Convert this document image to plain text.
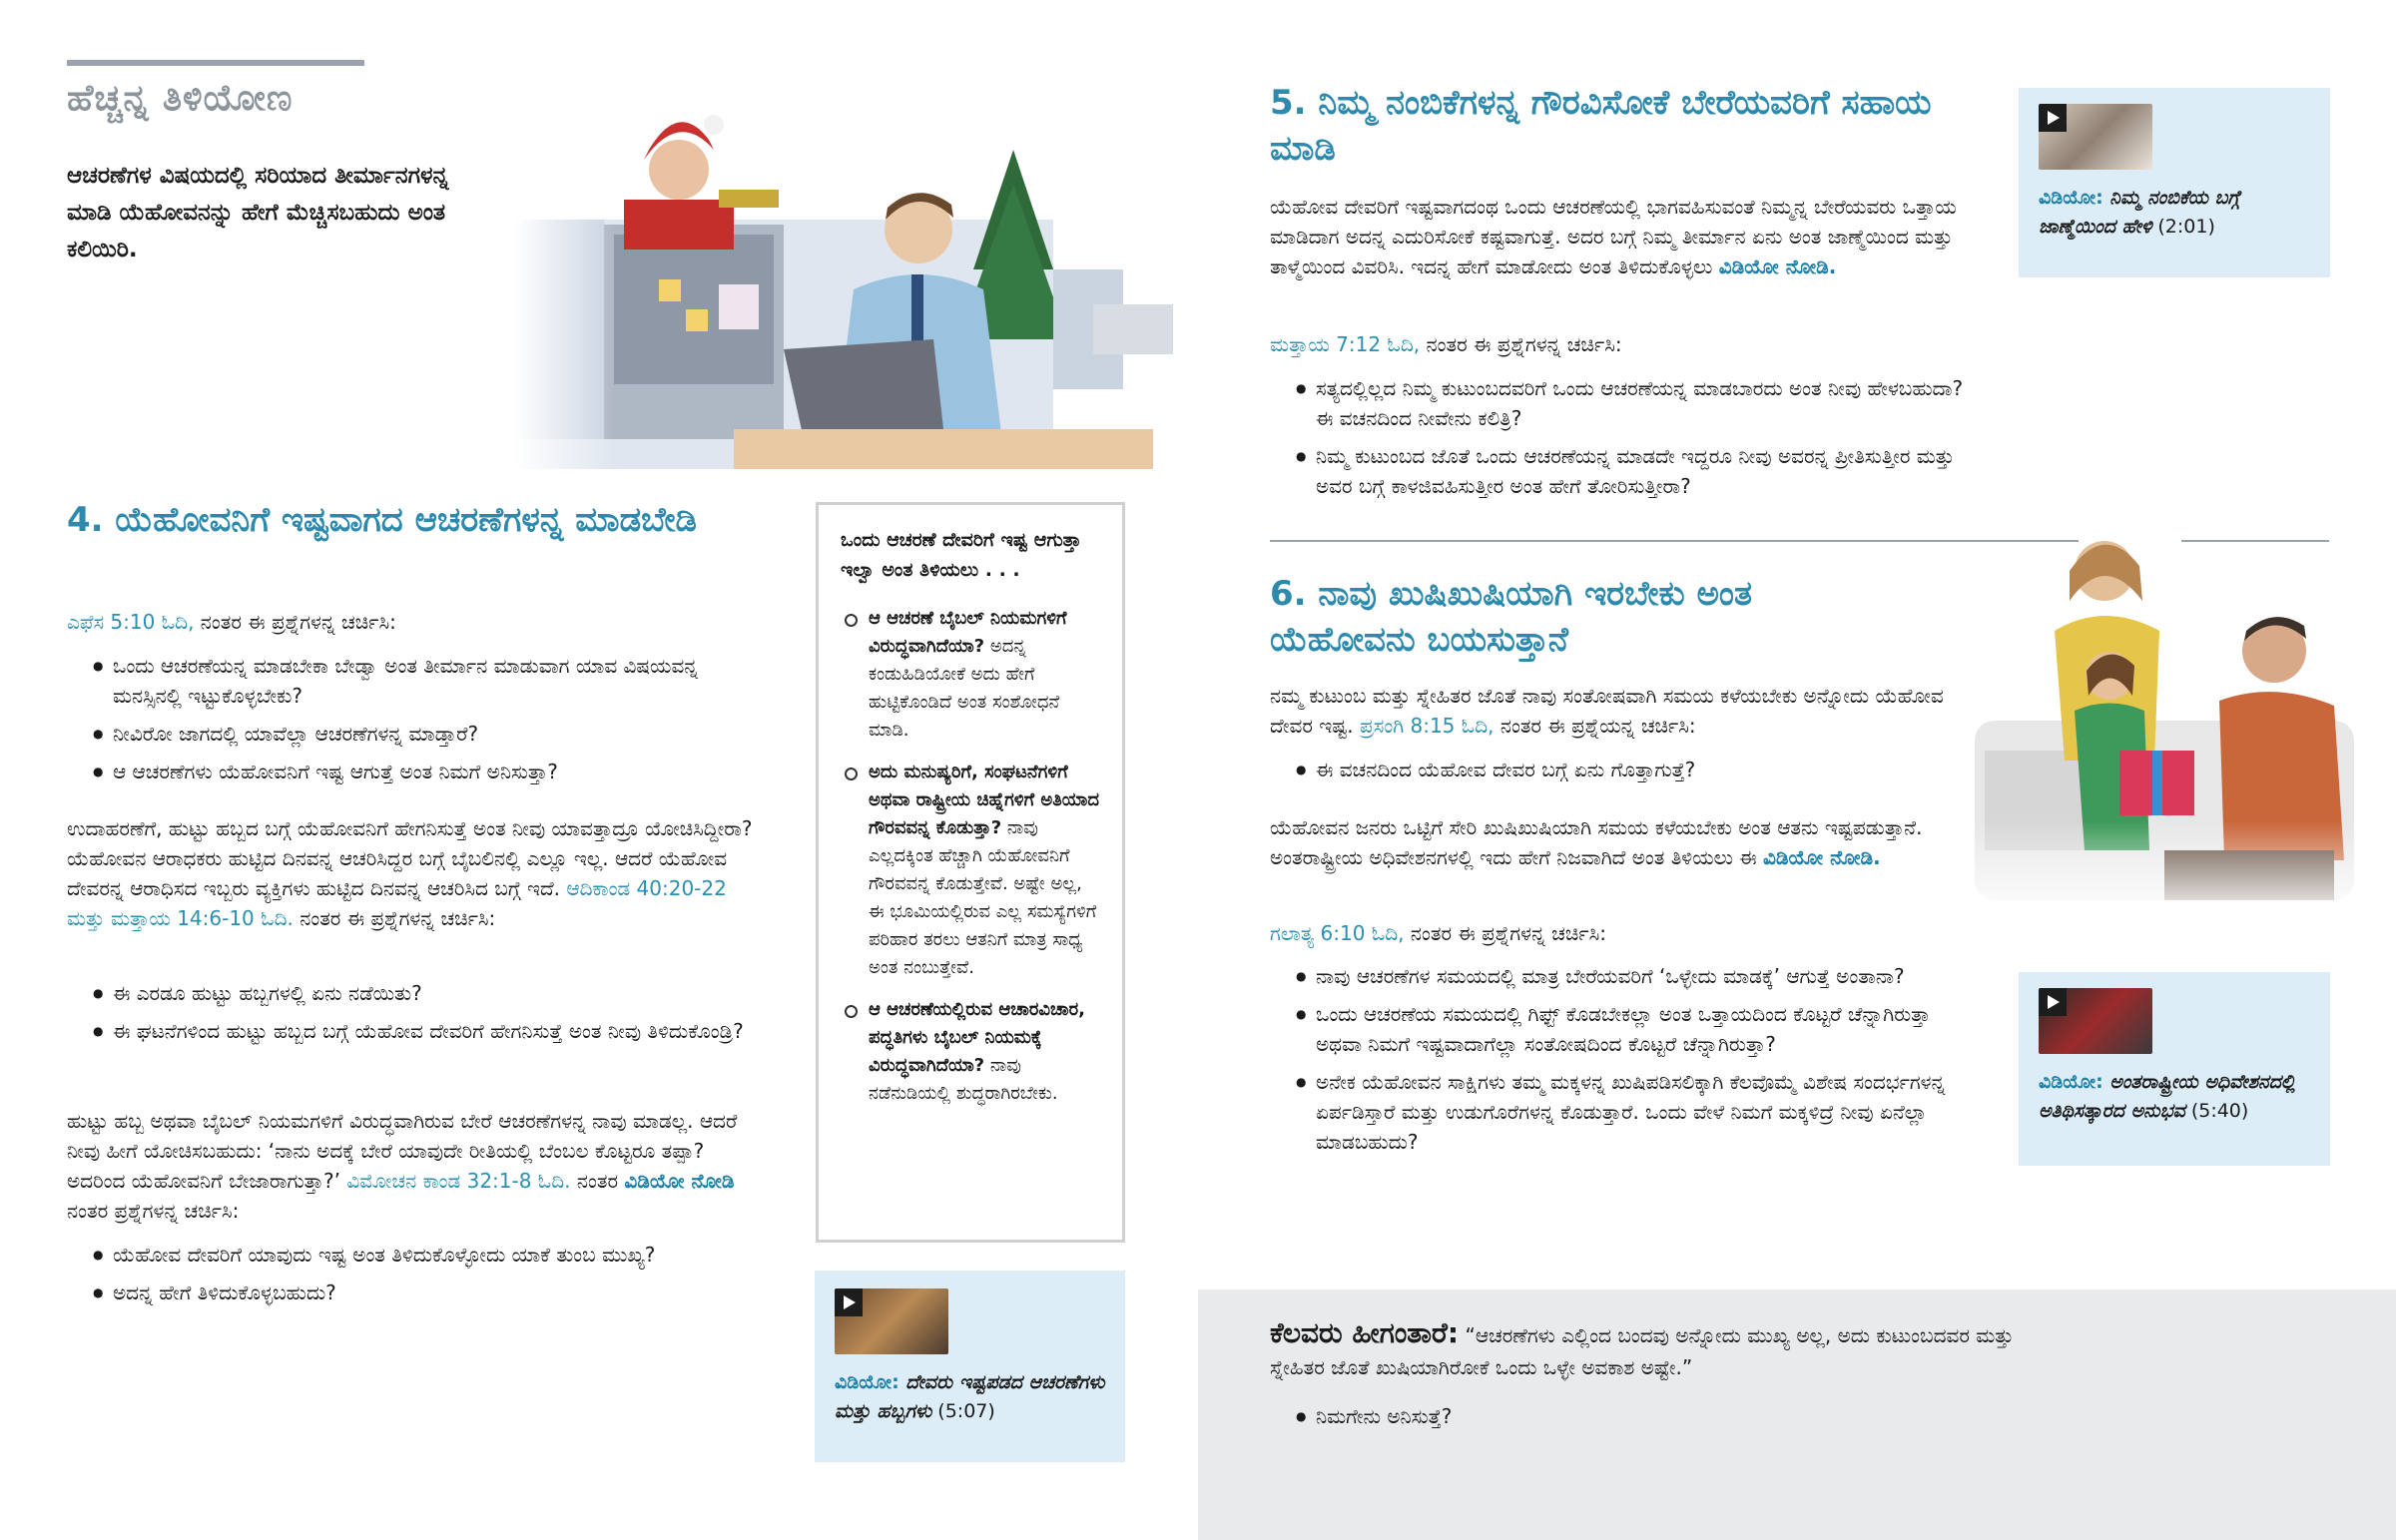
ಹೆಚ್ಚನ್ನ ತಿಳಿಯೋಣ
ಆಚರಣೆಗಳ ವಿಷಯದಲ್ಲಿ ಸರಿಯಾದ ತೀರ್ಮಾನಗಳನ್ನ ಮಾಡಿ ಯೆಹೋವನನ್ನು ಹೇಗೆ ಮೆಚ್ಚಿಸಬಹುದು ಅಂತ ಕಲಿಯಿರಿ.
4. ಯೆಹೋವನಿಗೆ ಇಷ್ಟವಾಗದ ಆಚರಣೆಗಳನ್ನ ಮಾಡಬೇಡಿ
ಎಫೆಸ 5:10 ಓದಿ, ನಂತರ ಈ ಪ್ರಶ್ನೆಗಳನ್ನ ಚರ್ಚಿಸಿ:
● ಒಂದು ಆಚರಣೆಯನ್ನ ಮಾಡಬೇಕಾ ಬೇಡ್ವಾ ಅಂತ ತೀರ್ಮಾನ ಮಾಡುವಾಗ ಯಾವ ವಿಷಯವನ್ನ ಮನಸ್ಸಿನಲ್ಲಿ ಇಟ್ಟುಕೊಳ್ಳಬೇಕು?
● ನೀವಿರೋ ಜಾಗದಲ್ಲಿ ಯಾವೆಲ್ಲಾ ಆಚರಣೆಗಳನ್ನ ಮಾಡ್ತಾರೆ?
● ಆ ಆಚರಣೆಗಳು ಯೆಹೋವನಿಗೆ ಇಷ್ಟ ಆಗುತ್ತೆ ಅಂತ ನಿಮಗೆ ಅನಿಸುತ್ತಾ?
ಉದಾಹರಣೆಗೆ, ಹುಟ್ಟು ಹಬ್ಬದ ಬಗ್ಗೆ ಯೆಹೋವನಿಗೆ ಹೇಗನಿಸುತ್ತೆ ಅಂತ ನೀವು ಯಾವತ್ತಾದ್ರೂ ಯೋಚಿಸಿದ್ದೀರಾ? ಯೆಹೋವನ ಆರಾಧಕರು ಹುಟ್ಟಿದ ದಿನವನ್ನ ಆಚರಿಸಿದ್ದರ ಬಗ್ಗೆ ಬೈಬಲಿನಲ್ಲಿ ಎಲ್ಲೂ ಇಲ್ಲ. ಆದರೆ ಯೆಹೋವ ದೇವರನ್ನ ಆರಾಧಿಸದ ಇಬ್ಬರು ವ್ಯಕ್ತಿಗಳು ಹುಟ್ಟಿದ ದಿನವನ್ನ ಆಚರಿಸಿದ ಬಗ್ಗೆ ಇದೆ. ಆದಿಕಾಂಡ 40:20-22 ಮತ್ತು ಮತ್ತಾಯ 14:6-10 ಓದಿ. ನಂತರ ಈ ಪ್ರಶ್ನೆಗಳನ್ನ ಚರ್ಚಿಸಿ:
● ಈ ಎರಡೂ ಹುಟ್ಟು ಹಬ್ಬಗಳಲ್ಲಿ ಏನು ನಡೆಯಿತು?
● ಈ ಘಟನೆಗಳಿಂದ ಹುಟ್ಟು ಹಬ್ಬದ ಬಗ್ಗೆ ಯೆಹೋವ ದೇವರಿಗೆ ಹೇಗನಿಸುತ್ತೆ ಅಂತ ನೀವು ತಿಳಿದುಕೊಂಡ್ರಿ?
ಹುಟ್ಟು ಹಬ್ಬ ಅಥವಾ ಬೈಬಲ್ ನಿಯಮಗಳಿಗೆ ವಿರುದ್ಧವಾಗಿರುವ ಬೇರೆ ಆಚರಣೆಗಳನ್ನ ನಾವು ಮಾಡಲ್ಲ. ಆದರೆ ನೀವು ಹೀಗೆ ಯೋಚಿಸಬಹುದು: ‘ನಾನು ಅದಕ್ಕೆ ಬೇರೆ ಯಾವುದೇ ರೀತಿಯಲ್ಲಿ ಬೆಂಬಲ ಕೊಟ್ಟರೂ ತಪ್ಪಾ? ಅದರಿಂದ ಯೆಹೋವನಿಗೆ ಬೇಜಾರಾಗುತ್ತಾ?’ ವಿಮೋಚನ ಕಾಂಡ 32:1-8 ಓದಿ. ನಂತರ ವಿಡಿಯೋ ನೋಡಿ ನಂತರ ಪ್ರಶ್ನೆಗಳನ್ನ ಚರ್ಚಿಸಿ:
● ಯೆಹೋವ ದೇವರಿಗೆ ಯಾವುದು ಇಷ್ಟ ಅಂತ ತಿಳಿದುಕೊಳ್ಳೋದು ಯಾಕೆ ತುಂಬ ಮುಖ್ಯ?
● ಅದನ್ನ ಹೇಗೆ ತಿಳಿದುಕೊಳ್ಳಬಹುದು?
ಒಂದು ಆಚರಣೆ ದೇವರಿಗೆ ಇಷ್ಟ ಆಗುತ್ತಾ ಇಲ್ವಾ ಅಂತ ತಿಳಿಯಲು . . .
ಆ ಆಚರಣೆ ಬೈಬಲ್ ನಿಯಮಗಳಿಗೆ ವಿರುದ್ಧವಾಗಿದೆಯಾ? ಅದನ್ನ ಕಂಡುಹಿಡಿಯೋಕೆ ಅದು ಹೇಗೆ ಹುಟ್ಟಿಕೊಂಡಿದೆ ಅಂತ ಸಂಶೋಧನೆ ಮಾಡಿ.
ಅದು ಮನುಷ್ಯರಿಗೆ, ಸಂಘಟನೆಗಳಿಗೆ ಅಥವಾ ರಾಷ್ಟ್ರೀಯ ಚಿಹ್ನೆಗಳಿಗೆ ಅತಿಯಾದ ಗೌರವವನ್ನ ಕೊಡುತ್ತಾ? ನಾವು ಎಲ್ಲದಕ್ಕಿಂತ ಹೆಚ್ಚಾಗಿ ಯೆಹೋವನಿಗೆ ಗೌರವವನ್ನ ಕೊಡುತ್ತೇವೆ. ಅಷ್ಟೇ ಅಲ್ಲ, ಈ ಭೂಮಿಯಲ್ಲಿರುವ ಎಲ್ಲ ಸಮಸ್ಯೆಗಳಿಗೆ ಪರಿಹಾರ ತರಲು ಆತನಿಗೆ ಮಾತ್ರ ಸಾಧ್ಯ ಅಂತ ನಂಬುತ್ತೇವೆ.
ಆ ಆಚರಣೆಯಲ್ಲಿರುವ ಆಚಾರವಿಚಾರ, ಪದ್ಧತಿಗಳು ಬೈಬಲ್ ನಿಯಮಕ್ಕೆ ವಿರುದ್ಧವಾಗಿದೆಯಾ? ನಾವು ನಡೆನುಡಿಯಲ್ಲಿ ಶುದ್ಧರಾಗಿರಬೇಕು.
ವಿಡಿಯೋ: ದೇವರು ಇಷ್ಟಪಡದ ಆಚರಣೆಗಳು ಮತ್ತು ಹಬ್ಬಗಳು (5:07)
5. ನಿಮ್ಮ ನಂಬಿಕೆಗಳನ್ನ ಗೌರವಿಸೋಕೆ ಬೇರೆಯವರಿಗೆ ಸಹಾಯ ಮಾಡಿ
ವಿಡಿಯೋ: ನಿಮ್ಮ ನಂಬಿಕೆಯ ಬಗ್ಗೆ ಜಾಣ್ಮೆಯಿಂದ ಹೇಳಿ (2:01)
ಯೆಹೋವ ದೇವರಿಗೆ ಇಷ್ಟವಾಗದಂಥ ಒಂದು ಆಚರಣೆಯಲ್ಲಿ ಭಾಗವಹಿಸುವಂತೆ ನಿಮ್ಮನ್ನ ಬೇರೆಯವರು ಒತ್ತಾಯ ಮಾಡಿದಾಗ ಅದನ್ನ ಎದುರಿಸೋಕೆ ಕಷ್ಟವಾಗುತ್ತೆ. ಅದರ ಬಗ್ಗೆ ನಿಮ್ಮ ತೀರ್ಮಾನ ಏನು ಅಂತ ಜಾಣ್ಮೆಯಿಂದ ಮತ್ತು ತಾಳ್ಮೆಯಿಂದ ವಿವರಿಸಿ. ಇದನ್ನ ಹೇಗೆ ಮಾಡೋದು ಅಂತ ತಿಳಿದುಕೊಳ್ಳಲು ವಿಡಿಯೋ ನೋಡಿ.
ಮತ್ತಾಯ 7:12 ಓದಿ, ನಂತರ ಈ ಪ್ರಶ್ನೆಗಳನ್ನ ಚರ್ಚಿಸಿ:
● ಸತ್ಯದಲ್ಲಿಲ್ಲದ ನಿಮ್ಮ ಕುಟುಂಬದವರಿಗೆ ಒಂದು ಆಚರಣೆಯನ್ನ ಮಾಡಬಾರದು ಅಂತ ನೀವು ಹೇಳಬಹುದಾ? ಈ ವಚನದಿಂದ ನೀವೇನು ಕಲಿತ್ರಿ?
● ನಿಮ್ಮ ಕುಟುಂಬದ ಜೊತೆ ಒಂದು ಆಚರಣೆಯನ್ನ ಮಾಡದೇ ಇದ್ದರೂ ನೀವು ಅವರನ್ನ ಪ್ರೀತಿಸುತ್ತೀರ ಮತ್ತು ಅವರ ಬಗ್ಗೆ ಕಾಳಜಿವಹಿಸುತ್ತೀರ ಅಂತ ಹೇಗೆ ತೋರಿಸುತ್ತೀರಾ?
6. ನಾವು ಖುಷಿಖುಷಿಯಾಗಿ ಇರಬೇಕು ಅಂತ ಯೆಹೋವನು ಬಯಸುತ್ತಾನೆ
ನಮ್ಮ ಕುಟುಂಬ ಮತ್ತು ಸ್ನೇಹಿತರ ಜೊತೆ ನಾವು ಸಂತೋಷವಾಗಿ ಸಮಯ ಕಳೆಯಬೇಕು ಅನ್ನೋದು ಯೆಹೋವ ದೇವರ ಇಷ್ಟ. ಪ್ರಸಂಗಿ 8:15 ಓದಿ, ನಂತರ ಈ ಪ್ರಶ್ನೆಯನ್ನ ಚರ್ಚಿಸಿ:
● ಈ ವಚನದಿಂದ ಯೆಹೋವ ದೇವರ ಬಗ್ಗೆ ಏನು ಗೊತ್ತಾಗುತ್ತೆ?
ಯೆಹೋವನ ಜನರು ಒಟ್ಟಿಗೆ ಸೇರಿ ಖುಷಿಖುಷಿಯಾಗಿ ಸಮಯ ಕಳೆಯಬೇಕು ಅಂತ ಆತನು ಇಷ್ಟಪಡುತ್ತಾನೆ. ಅಂತರಾಷ್ಟ್ರೀಯ ಅಧಿವೇಶನಗಳಲ್ಲಿ ಇದು ಹೇಗೆ ನಿಜವಾಗಿದೆ ಅಂತ ತಿಳಿಯಲು ಈ ವಿಡಿಯೋ ನೋಡಿ.
ಗಲಾತ್ಯ 6:10 ಓದಿ, ನಂತರ ಈ ಪ್ರಶ್ನೆಗಳನ್ನ ಚರ್ಚಿಸಿ:
● ನಾವು ಆಚರಣೆಗಳ ಸಮಯದಲ್ಲಿ ಮಾತ್ರ ಬೇರೆಯವರಿಗೆ ‘ಒಳ್ಳೇದು ಮಾಡಕ್ಕೆ’ ಆಗುತ್ತೆ ಅಂತಾನಾ?
● ಒಂದು ಆಚರಣೆಯ ಸಮಯದಲ್ಲಿ ಗಿಫ್ಟ್ ಕೊಡಬೇಕಲ್ಲಾ ಅಂತ ಒತ್ತಾಯದಿಂದ ಕೊಟ್ಟರೆ ಚೆನ್ನಾಗಿರುತ್ತಾ ಅಥವಾ ನಿಮಗೆ ಇಷ್ಟವಾದಾಗೆಲ್ಲಾ ಸಂತೋಷದಿಂದ ಕೊಟ್ಟರೆ ಚೆನ್ನಾಗಿರುತ್ತಾ?
● ಅನೇಕ ಯೆಹೋವನ ಸಾಕ್ಷಿಗಳು ತಮ್ಮ ಮಕ್ಕಳನ್ನ ಖುಷಿಪಡಿಸಲಿಕ್ಕಾಗಿ ಕೆಲವೊಮ್ಮೆ ವಿಶೇಷ ಸಂದರ್ಭಗಳನ್ನ ಏರ್ಪಡಿಸ್ತಾರೆ ಮತ್ತು ಉಡುಗೊರೆಗಳನ್ನ ಕೊಡುತ್ತಾರೆ. ಒಂದು ವೇಳೆ ನಿಮಗೆ ಮಕ್ಕಳಿದ್ರೆ ನೀವು ಏನೆಲ್ಲಾ ಮಾಡಬಹುದು?
ವಿಡಿಯೋ: ಅಂತರಾಷ್ಟ್ರೀಯ ಅಧಿವೇಶನದಲ್ಲಿ ಅತಿಥಿಸತ್ಕಾರದ ಅನುಭವ (5:40)
ಕೆಲವರು ಹೀಗಂತಾರೆ: “ಆಚರಣೆಗಳು ಎಲ್ಲಿಂದ ಬಂದವು ಅನ್ನೋದು ಮುಖ್ಯ ಅಲ್ಲ, ಅದು ಕುಟುಂಬದವರ ಮತ್ತು ಸ್ನೇಹಿತರ ಜೊತೆ ಖುಷಿಯಾಗಿರೋಕೆ ಒಂದು ಒಳ್ಳೇ ಅವಕಾಶ ಅಷ್ಟೇ.”
● ನಿಮಗೇನು ಅನಿಸುತ್ತೆ?
